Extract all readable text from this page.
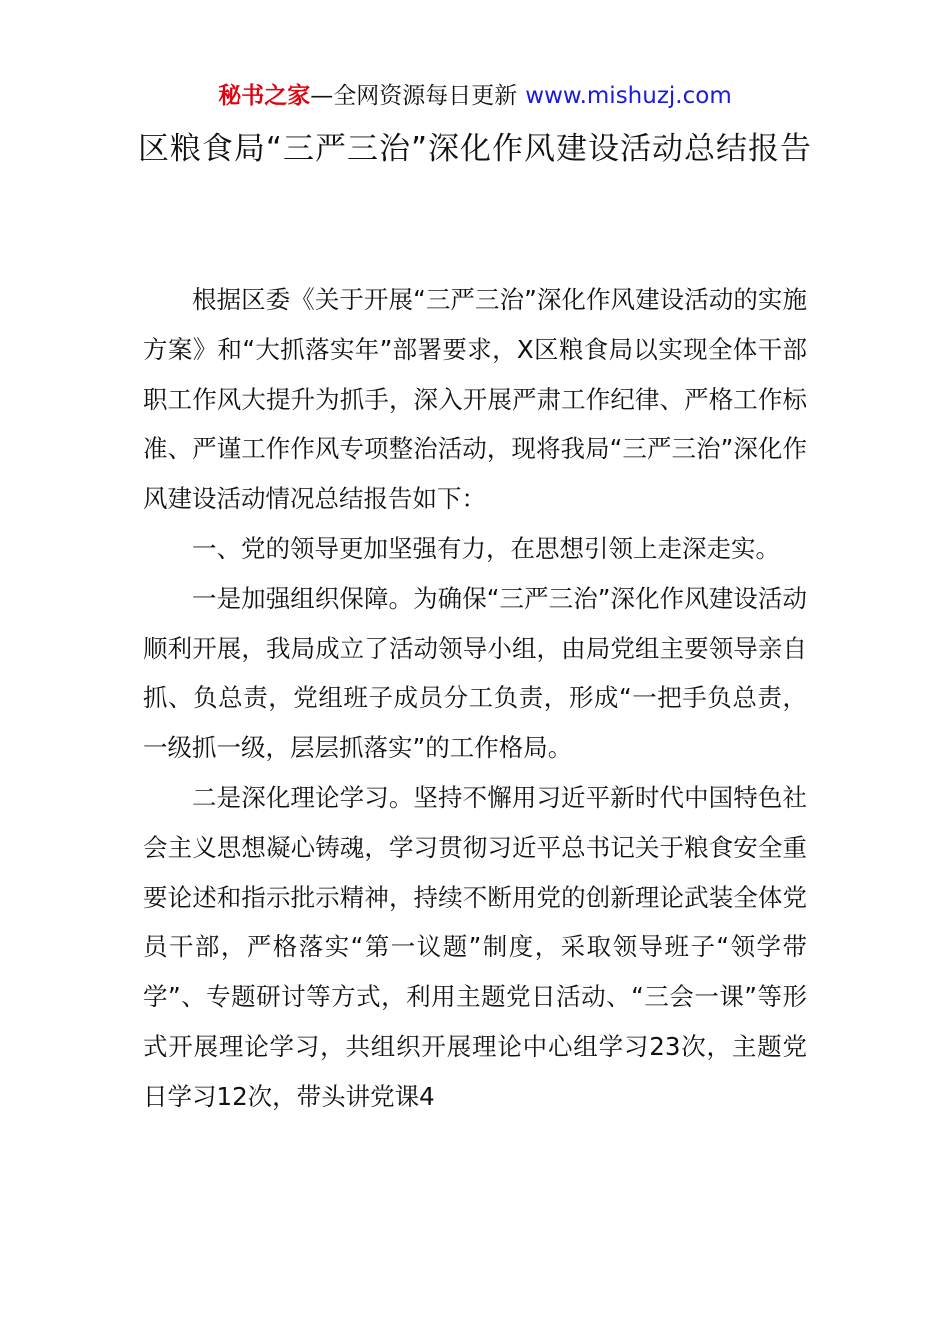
秘书之家—全网资源每日更新 www.mishuzj.com
区粮食局“三严三治”深化作风建设活动总结报告

根据区委《关于开展“三严三治”深化作风建设活动的实施方案》和“大抓落实年”部署要求，X区粮食局以实现全体干部职工作风大提升为抓手，深入开展严肃工作纪律、严格工作标准、严谨工作作风专项整治活动，现将我局“三严三治”深化作风建设活动情况总结报告如下：

一、党的领导更加坚强有力，在思想引领上走深走实。

一是加强组织保障。为确保“三严三治”深化作风建设活动顺利开展，我局成立了活动领导小组，由局党组主要领导亲自抓、负总责，党组班子成员分工负责，形成“一把手负总责，一级抓一级，层层抓落实”的工作格局。

二是深化理论学习。坚持不懈用习近平新时代中国特色社会主义思想凝心铸魂，学习贯彻习近平总书记关于粮食安全重要论述和指示批示精神，持续不断用党的创新理论武装全体党员干部，严格落实“第一议题”制度，采取领导班子“领学带学”、专题研讨等方式，利用主题党日活动、“三会一课”等形式开展理论学习，共组织开展理论中心组学习23次，主题党日学习12次，带头讲党课4
